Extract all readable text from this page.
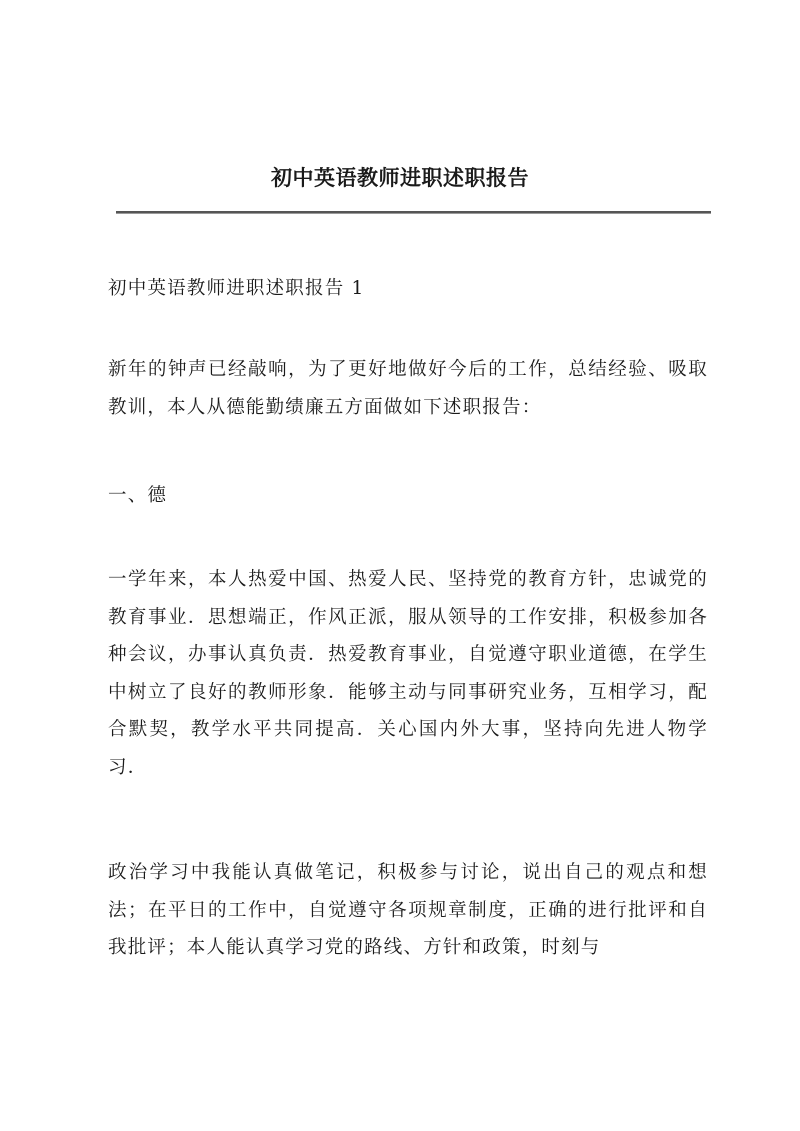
初中英语教师进职述职报告

初中英语教师进职述职报告 1

新年的钟声已经敲响，为了更好地做好今后的工作，总结经验、吸取教训，本人从德能勤绩廉五方面做如下述职报告：

一、德

一学年来，本人热爱中国、热爱人民、坚持党的教育方针，忠诚党的教育事业．思想端正，作风正派，服从领导的工作安排，积极参加各种会议，办事认真负责．热爱教育事业，自觉遵守职业道德，在学生中树立了良好的教师形象．能够主动与同事研究业务，互相学习，配合默契，教学水平共同提高．关心国内外大事，坚持向先进人物学习．

政治学习中我能认真做笔记，积极参与讨论，说出自己的观点和想法；在平日的工作中，自觉遵守各项规章制度，正确的进行批评和自我批评；本人能认真学习党的路线、方针和政策，时刻与
